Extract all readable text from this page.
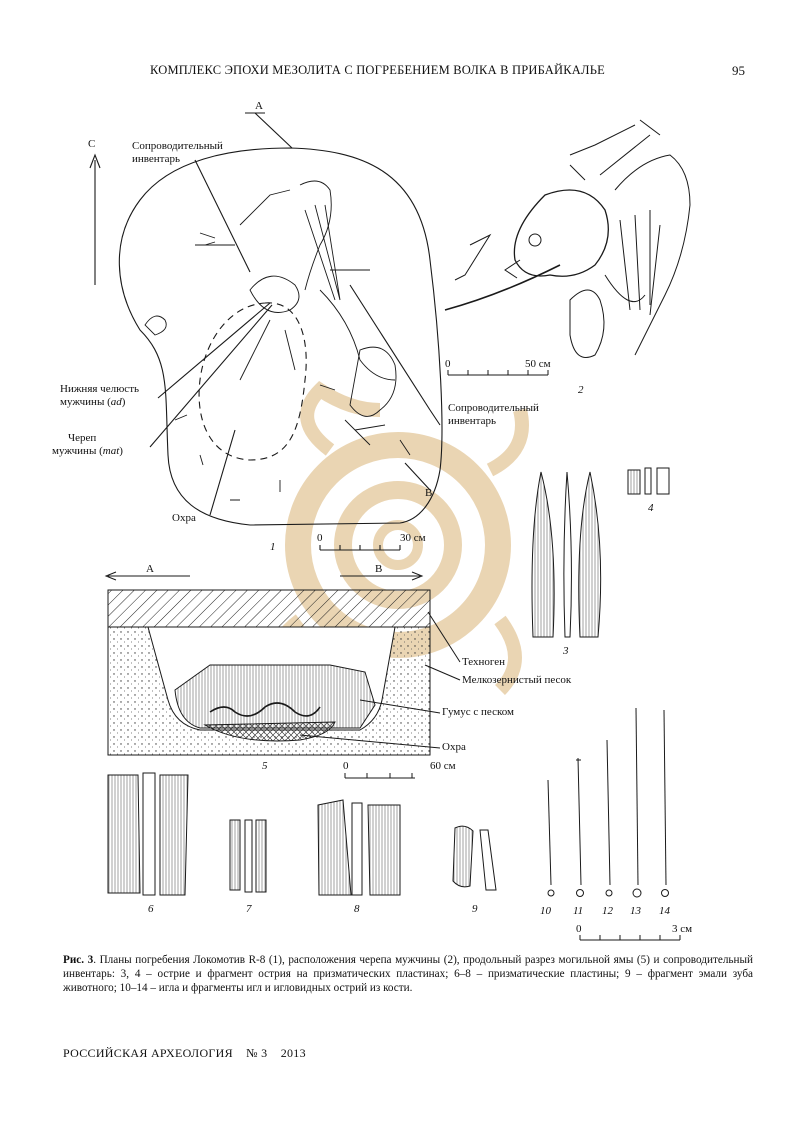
КОМПЛЕКС ЭПОХИ МЕЗОЛИТА С ПОГРЕБЕНИЕМ ВОЛКА В ПРИБАЙКАЛЬЕ	95
А
С	Сопроводительный
инвентарь
Нижняя челюсть
мужчины (ad)
Череп
мужчины (mat)
Охра
Сопроводительный
инвентарь
В
0	30 см
1
0	50 см
2
3
4
А	В
Техноген
Мелкозернистый песок
Гумус с песком
Охра
0	60 см
5
6	7	8	9	10 11 12 13 14
0	3 см
Рис. 3. Планы погребения Локомотив R-8 (1), расположения черепа мужчины (2), продольный разрез могильной ямы (5) и сопроводительный инвентарь: 3, 4 – острие и фрагмент острия на призматических пластинах; 6–8 – призматические пластины; 9 – фрагмент эмали зуба животного; 10–14 – игла и фрагменты игл и игловидных острий из кости.
РОССИЙСКАЯ АРХЕОЛОГИЯ № 3 2013
